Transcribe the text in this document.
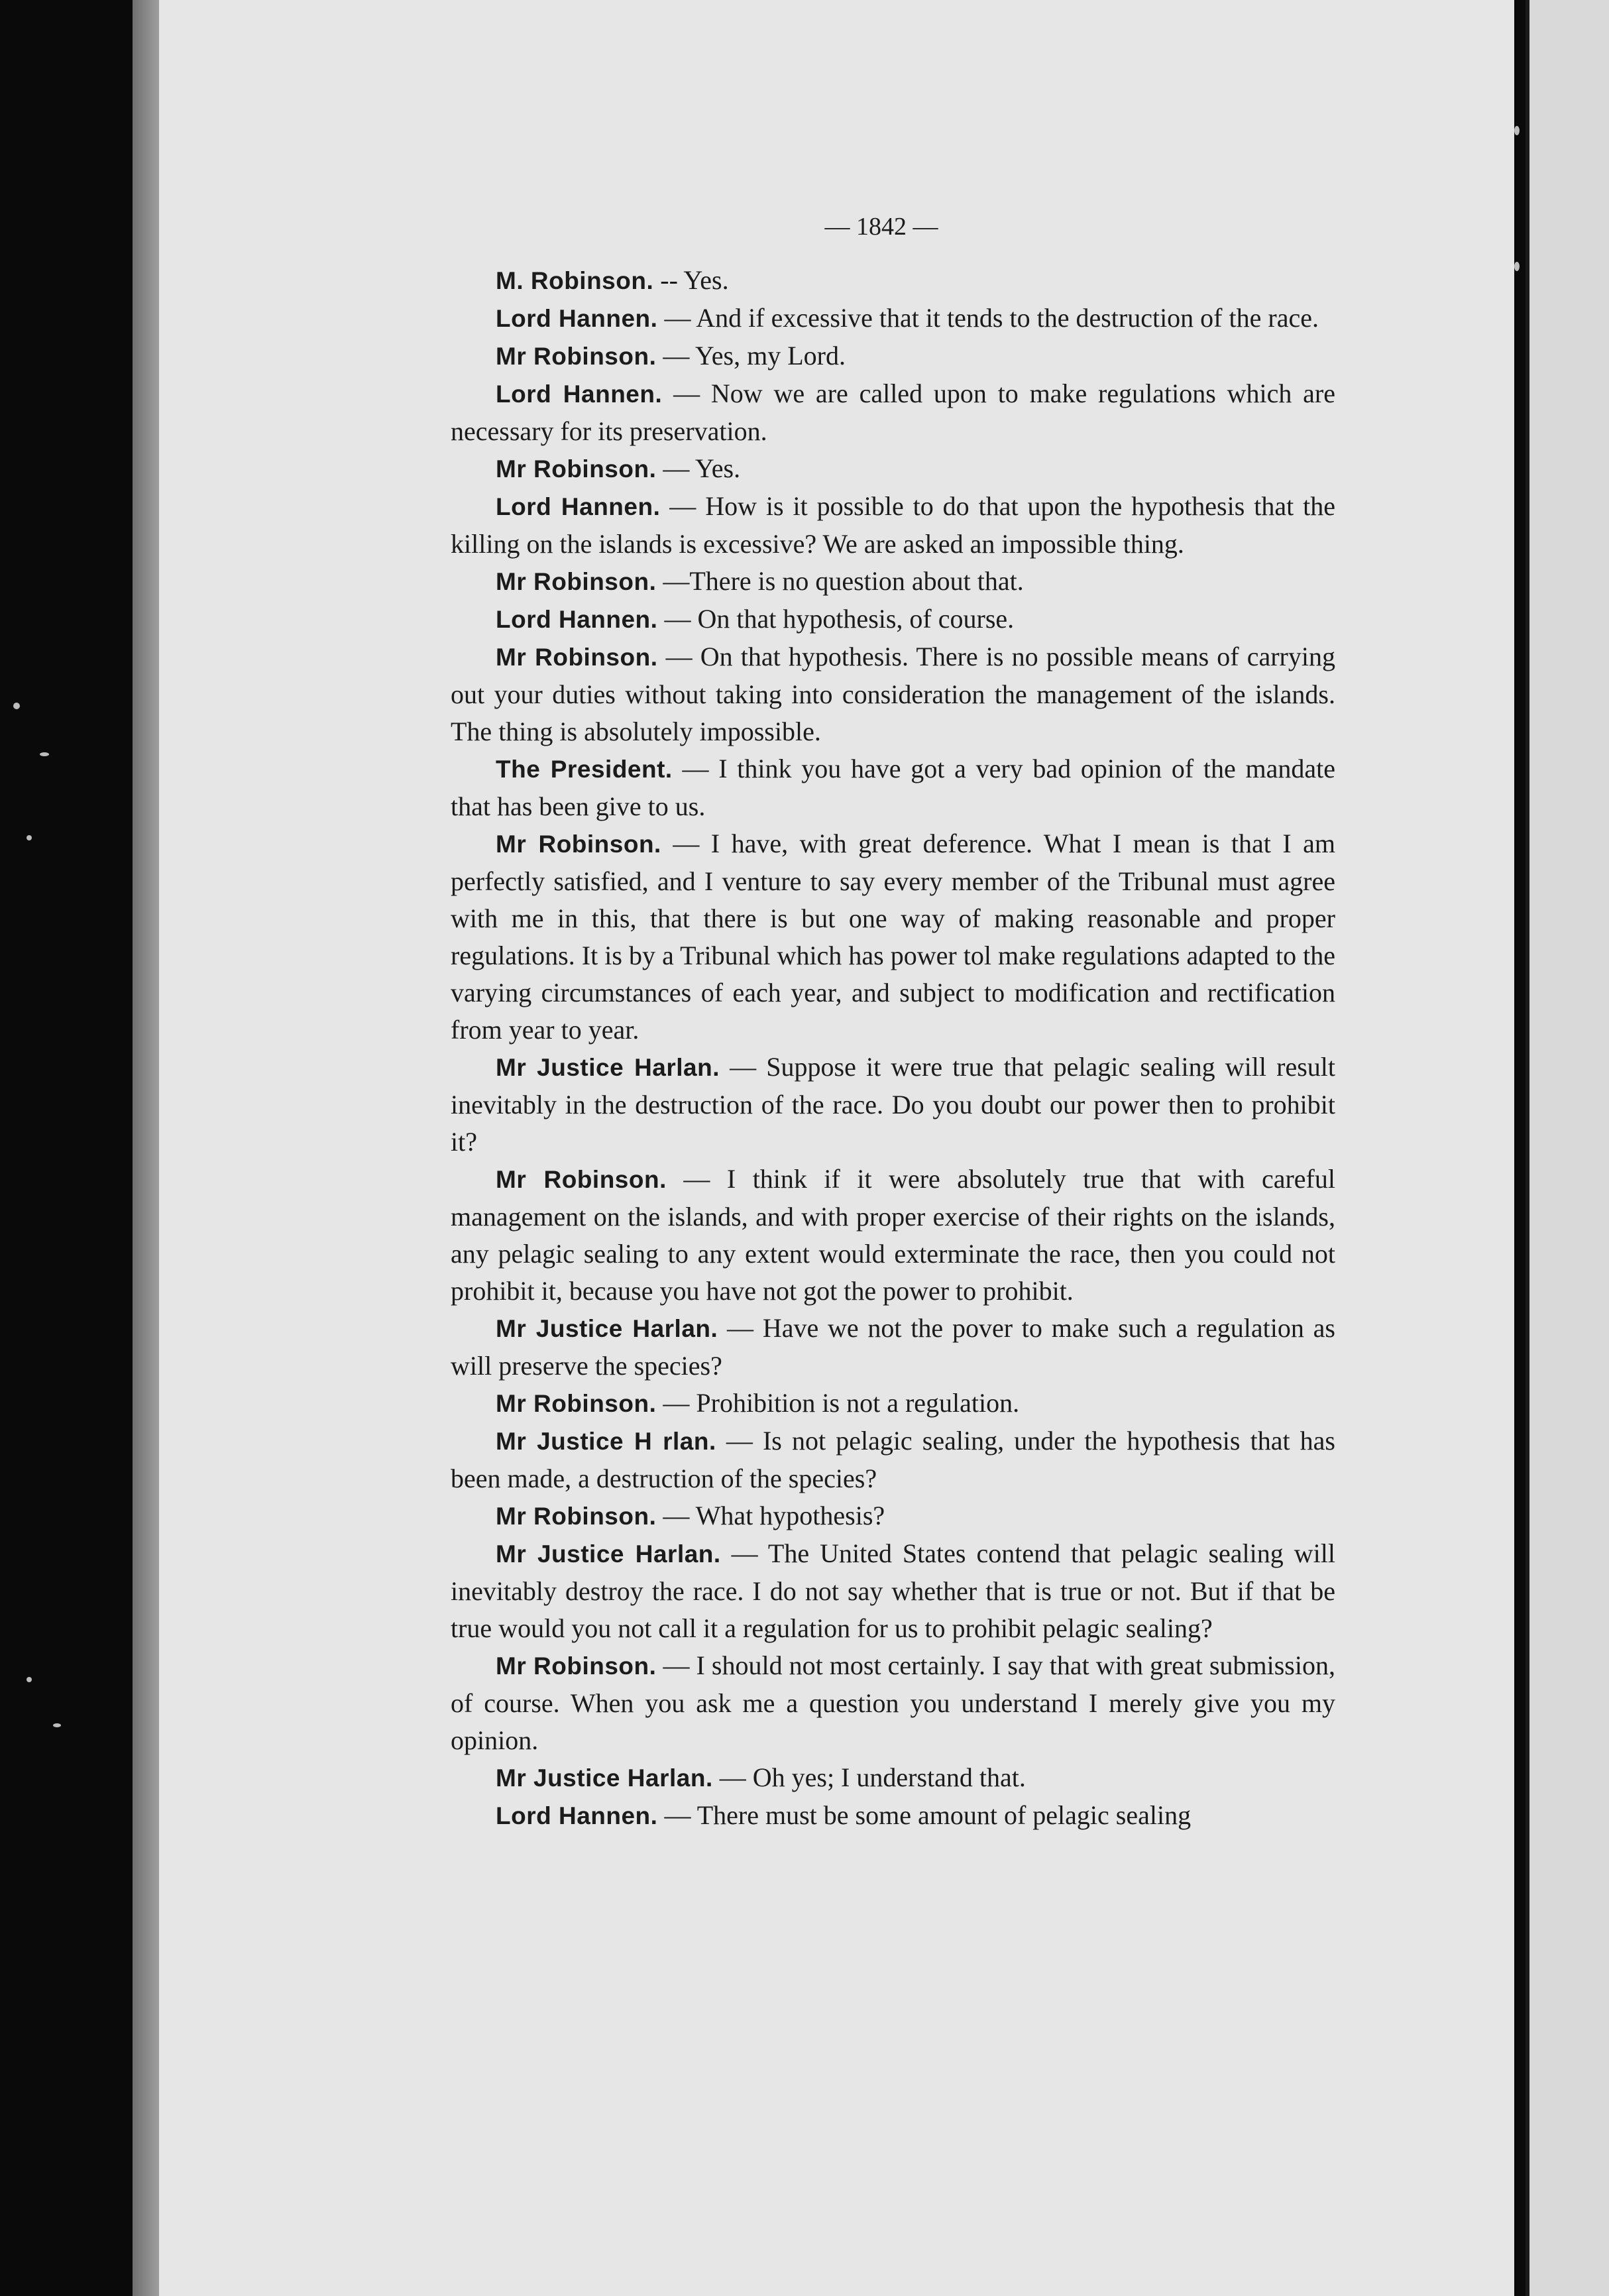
— 1842 —

M. Robinson. -- Yes.

Lord Hannen. — And if excessive that it tends to the destruction of the race.

Mr Robinson. — Yes, my Lord.

Lord Hannen. — Now we are called upon to make regulations which are necessary for its preservation.

Mr Robinson. — Yes.

Lord Hannen. — How is it possible to do that upon the hypothesis that the killing on the islands is excessive? We are asked an impossible thing.

Mr Robinson. —There is no question about that.

Lord Hannen. — On that hypothesis, of course.

Mr Robinson. — On that hypothesis. There is no possible means of carrying out your duties without taking into consideration the management of the islands. The thing is absolutely impossible.

The President. — I think you have got a very bad opinion of the mandate that has been give to us.

Mr Robinson. — I have, with great deference. What I mean is that I am perfectly satisfied, and I venture to say every member of the Tribunal must agree with me in this, that there is but one way of making reasonable and proper regulations. It is by a Tribunal which has power tol make regulations adapted to the varying circumstances of each year, and subject to modification and rectification from year to year.

Mr Justice Harlan. — Suppose it were true that pelagic sealing will result inevitably in the destruction of the race. Do you doubt our power then to prohibit it?

Mr Robinson. — I think if it were absolutely true that with careful management on the islands, and with proper exercise of their rights on the islands, any pelagic sealing to any extent would exterminate the race, then you could not prohibit it, because you have not got the power to prohibit.

Mr Justice Harlan. — Have we not the pover to make such a regulation as will preserve the species?

Mr Robinson. — Prohibition is not a regulation.

Mr Justice H rlan. — Is not pelagic sealing, under the hypothesis that has been made, a destruction of the species?

Mr Robinson. — What hypothesis?

Mr Justice Harlan. — The United States contend that pelagic sealing will inevitably destroy the race. I do not say whether that is true or not. But if that be true would you not call it a regulation for us to prohibit pelagic sealing?

Mr Robinson. — I should not most certainly. I say that with great submission, of course. When you ask me a question you understand I merely give you my opinion.

Mr Justice Harlan. — Oh yes; I understand that.

Lord Hannen. — There must be some amount of pelagic sealing
